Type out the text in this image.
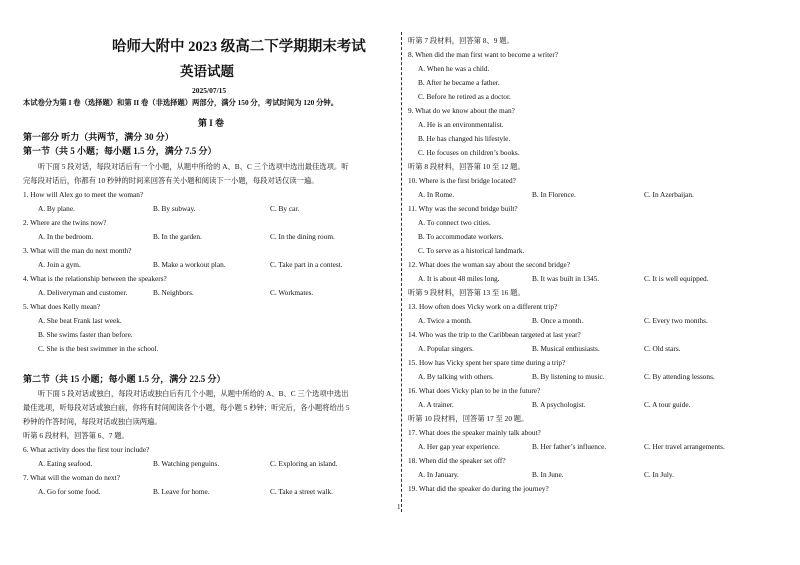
哈师大附中 2023 级高二下学期期末考试
英语试题
2025/07/15
本试卷分为第 I 卷（选择题）和第 II 卷（非选择题）两部分，满分 150 分，考试时间为 120 分钟。
第 I 卷
第一部分 听力（共两节，满分 30 分）
第一节（共 5 小题；每小题 1.5 分，满分 7.5 分）
听下面 5 段对话，每段对话后有一个小题，从题中所给的 A、B、C 三个选项中选出最佳选项。听
完每段对话后，你都有 10 秒钟的时间来回答有关小题和阅读下一小题，每段对话仅读一遍。
1. How will Alex go to meet the woman?
A. By plane.	B. By subway.	C. By car.
2. Where are the twins now?
A. In the bedroom.	B. In the garden.	C. In the dining room.
3. What will the man do next month?
A. Join a gym.	B. Make a workout plan.	C. Take part in a contest.
4. What is the relationship between the speakers?
A. Deliveryman and customer.	B. Neighbors.	C. Workmates.
5. What does Kelly mean?
A. She beat Frank last week.
B. She swims faster than before.
C. She is the best swimmer in the school.
第二节（共 15 小题；每小题 1.5 分，满分 22.5 分）
听下面 5 段对话或独白，每段对话或独白后有几个小题，从题中所给的 A、B、C 三个选项中选出
最佳选项，听每段对话或独白前，你将有时间阅读各个小题，每小题 5 秒钟；听完后，各小题将给出 5
秒钟的作答时间，每段对话或独白读两遍。
听第 6 段材料，回答第 6、7 题。
6. What activity does the first tour include?
A. Eating seafood.	B. Watching penguins.	C. Exploring an island.
7. What will the woman do next?
A. Go for some food.	B. Leave for home.	C. Take a street walk.
1
听第 7 段材料，回答第 8、9 题。
8. When did the man first want to become a writer?
A. When he was a child.
B. After he became a father.
C. Before he retired as a doctor.
9. What do we know about the man?
A. He is an environmentalist.
B. He has changed his lifestyle.
C. He focuses on children’s books.
听第 8 段材料，回答第 10 至 12 题。
10. Where is the first bridge located?
A. In Rome.	B. In Florence.	C. In Azerbaijan.
11. Why was the second bridge built?
A. To connect two cities.
B. To accommodate workers.
C. To serve as a historical landmark.
12. What does the woman say about the second bridge?
A. It is about 48 miles long.	B. It was built in 1345.	C. It is well equipped.
听第 9 段材料，回答第 13 至 16 题。
13. How often does Vicky work on a different trip?
A. Twice a month.	B. Once a month.	C. Every two months.
14. Who was the trip to the Caribbean targeted at last year?
A. Popular singers.	B. Musical enthusiasts.	C. Old stars.
15. How has Vicky spent her spare time during a trip?
A. By talking with others.	B. By listening to music.	C. By attending lessons.
16. What does Vicky plan to be in the future?
A. A trainer.	B. A psychologist.	C. A tour guide.
听第 10 段材料，回答第 17 至 20 题。
17. What does the speaker mainly talk about?
A. Her gap year experience.	B. Her father’s influence.	C. Her travel arrangements.
18. When did the speaker set off?
A. In January.	B. In June.	C. In July.
19. What did the speaker do during the journey?
